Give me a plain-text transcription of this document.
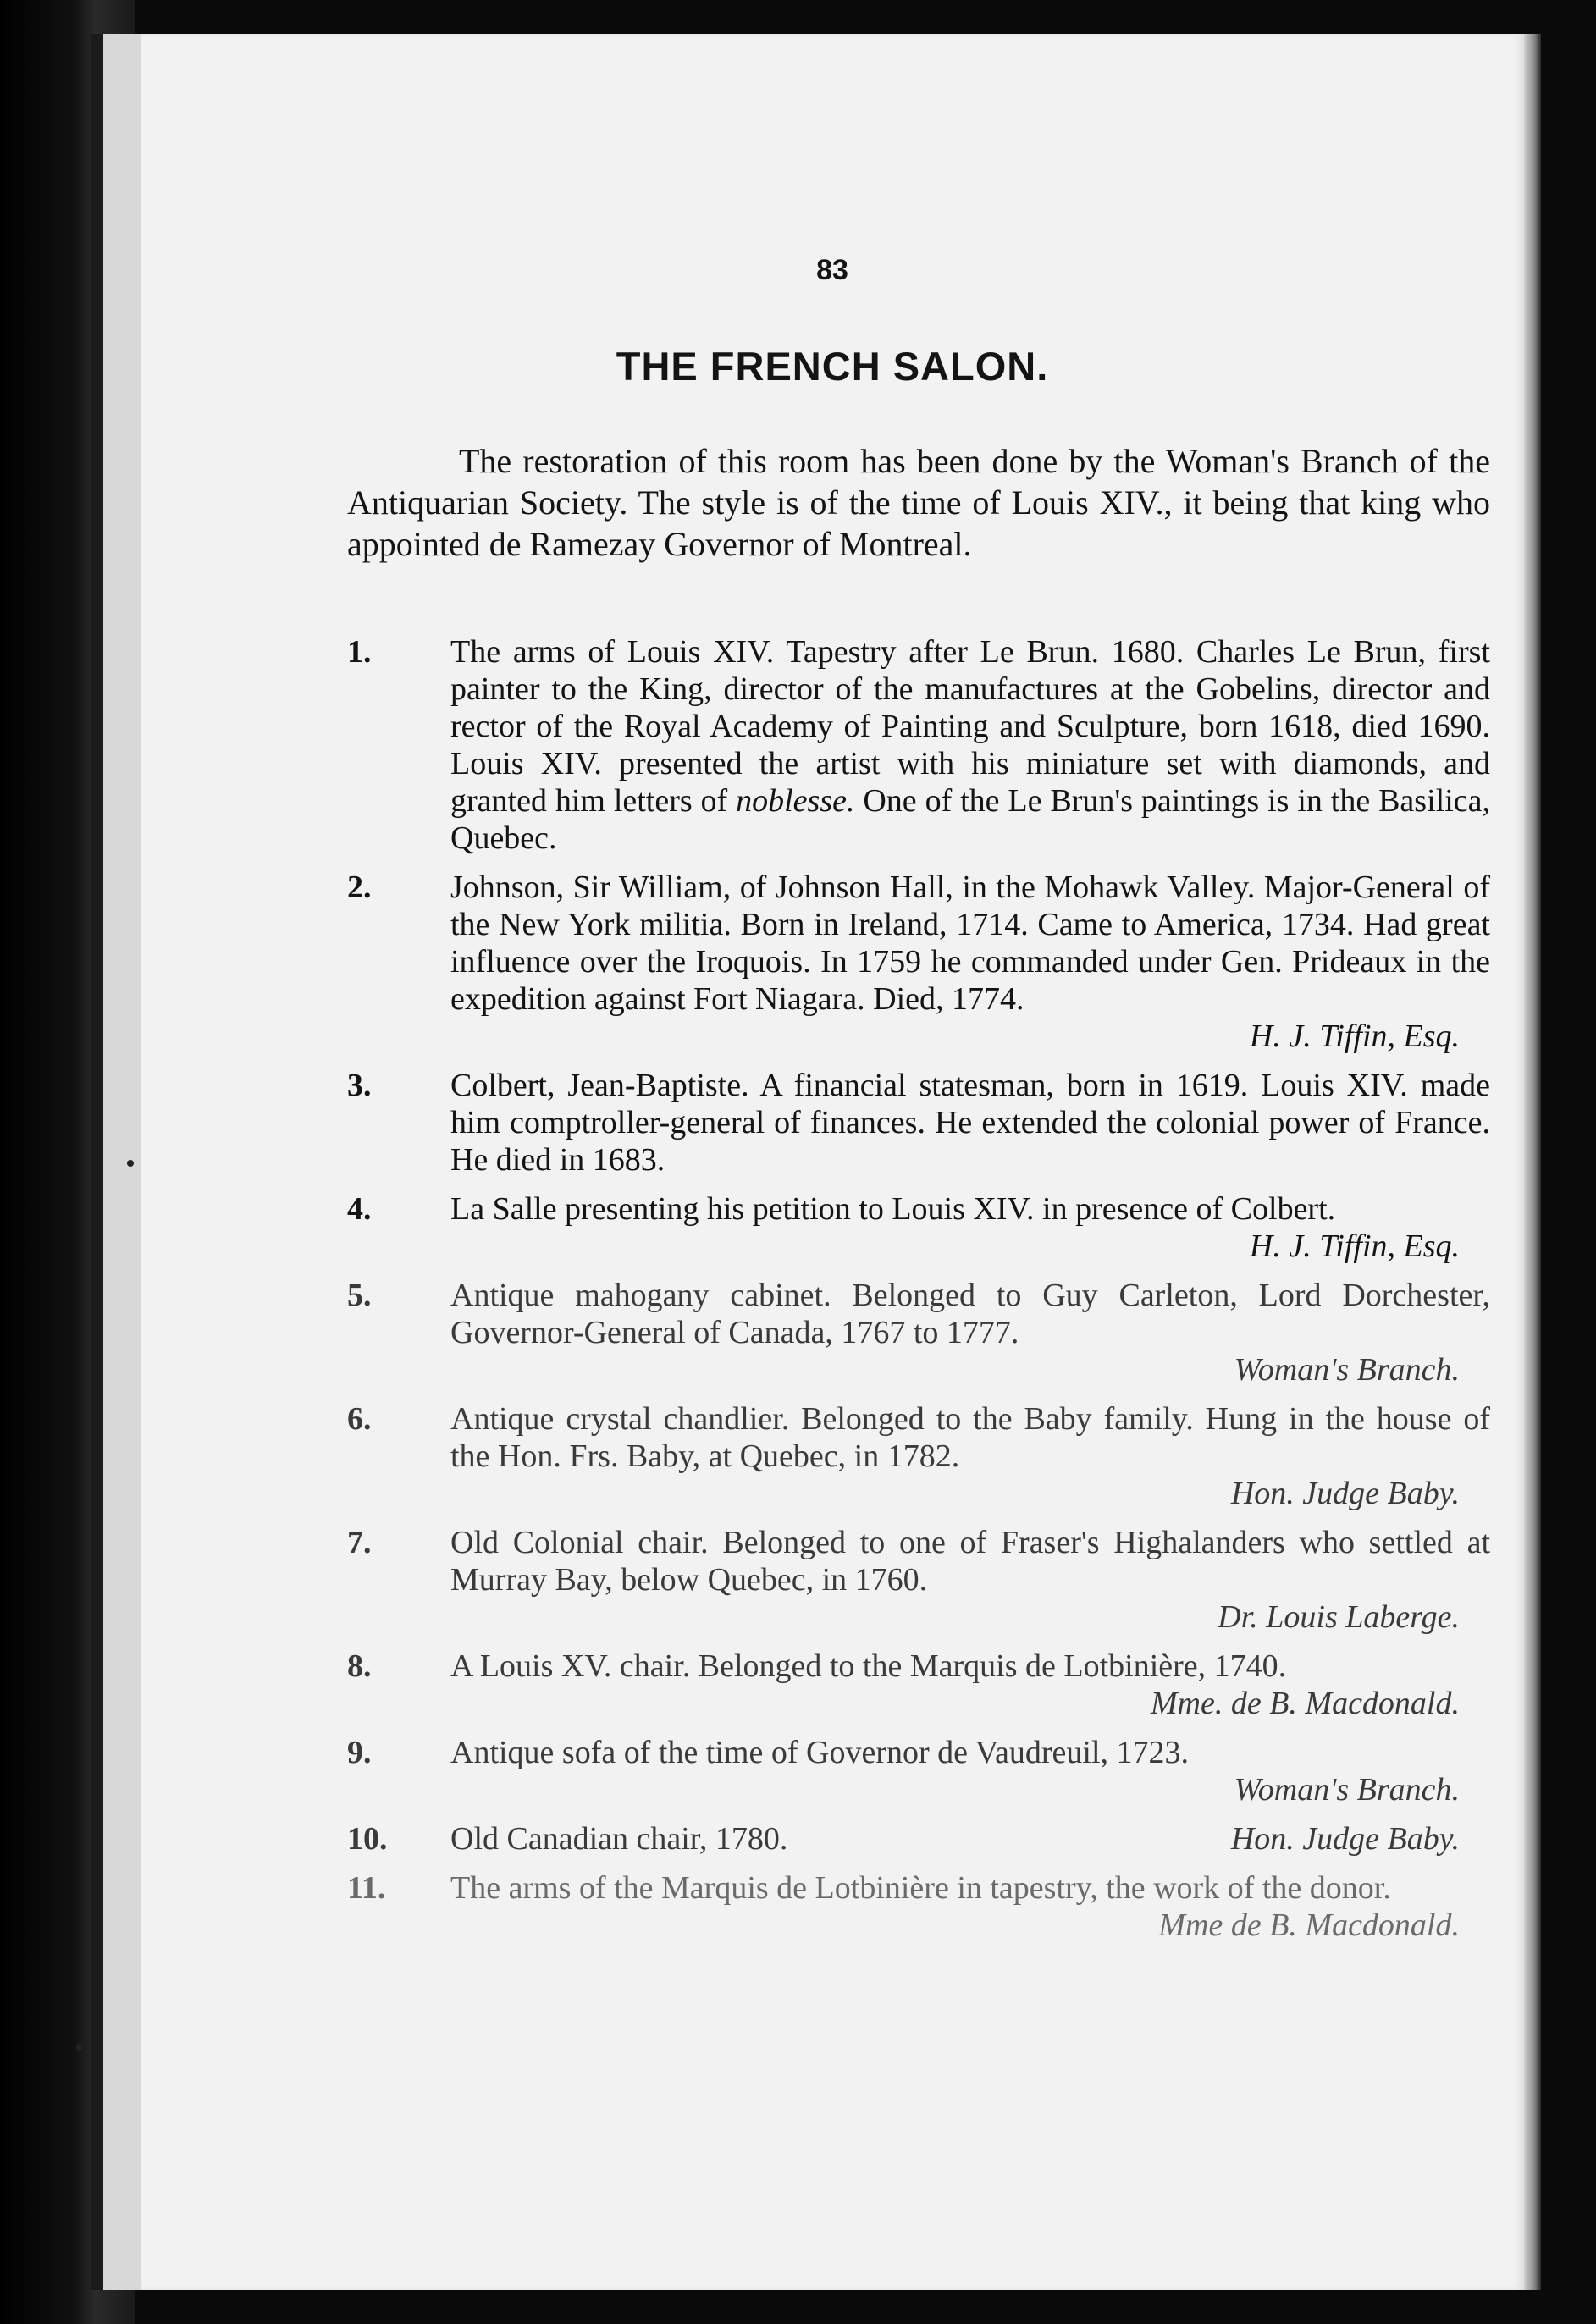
83
THE FRENCH SALON.

The restoration of this room has been done by the Woman's Branch of the Antiquarian Society. The style is of the time of Louis XIV., it being that king who appointed de Ramezay Governor of Montreal.

1.	The arms of Louis XIV. Tapestry after Le Brun. 1680. Charles Le Brun, first painter to the King, director of the manufactures at the Gobelins, director and rector of the Royal Academy of Painting and Sculpture, born 1618, died 1690. Louis XIV. presented the artist with his miniature set with diamonds, and granted him letters of noblesse. One of the Le Brun's paintings is in the Basilica, Quebec.
2.	Johnson, Sir William, of Johnson Hall, in the Mohawk Valley. Major-General of the New York militia. Born in Ireland, 1714. Came to America, 1734. Had great influence over the Iroquois. In 1759 he commanded under Gen. Prideaux in the expedition against Fort Niagara. Died, 1774.
H. J. Tiffin, Esq.
3.	Colbert, Jean-Baptiste. A financial statesman, born in 1619. Louis XIV. made him comptroller-general of finances. He extended the colonial power of France. He died in 1683.
4.	La Salle presenting his petition to Louis XIV. in presence of Colbert.
H. J. Tiffin, Esq.
5.	Antique mahogany cabinet. Belonged to Guy Carleton, Lord Dorchester, Governor-General of Canada, 1767 to 1777.
Woman's Branch.
6.	Antique crystal chandlier. Belonged to the Baby family. Hung in the house of the Hon. Frs. Baby, at Quebec, in 1782.
Hon. Judge Baby.
7.	Old Colonial chair. Belonged to one of Fraser's Highalanders who settled at Murray Bay, below Quebec, in 1760.
Dr. Louis Laberge.
8.	A Louis XV. chair. Belonged to the Marquis de Lotbinière, 1740.
Mme. de B. Macdonald.
9.	Antique sofa of the time of Governor de Vaudreuil, 1723.
Woman's Branch.
10.	Old Canadian chair, 1780.	Hon. Judge Baby.
11.	The arms of the Marquis de Lotbinière in tapestry, the work of the donor.
Mme de B. Macdonald.
